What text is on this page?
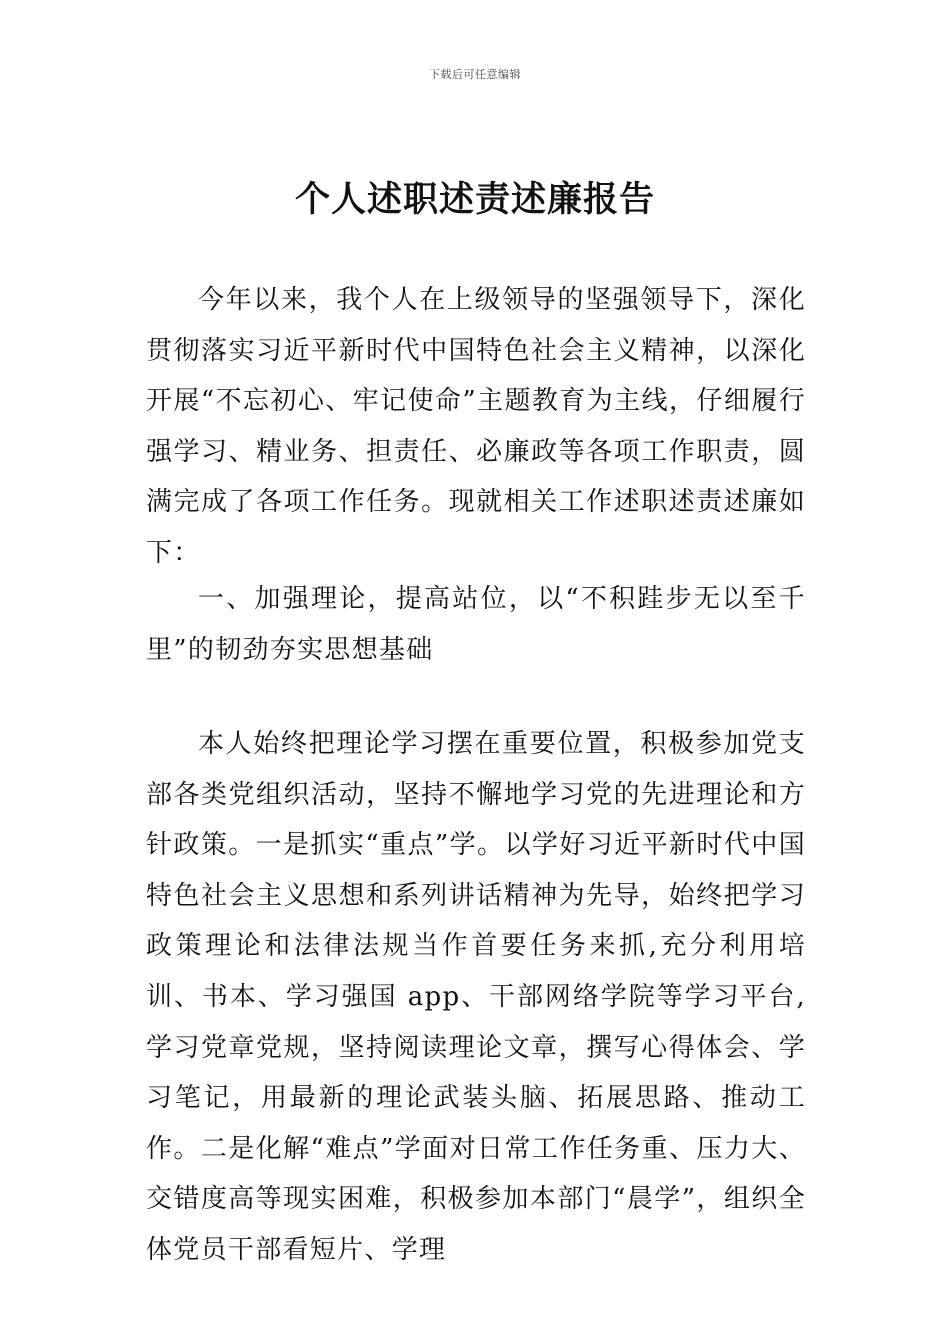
下载后可任意编辑
个人述职述责述廉报告

今年以来，我个人在上级领导的坚强领导下，深化贯彻落实习近平新时代中国特色社会主义精神，以深化开展“不忘初心、牢记使命”主题教育为主线，仔细履行强学习、精业务、担责任、必廉政等各项工作职责，圆满完成了各项工作任务。现就相关工作述职述责述廉如下：

一、加强理论，提高站位，以“不积跬步无以至千里”的韧劲夯实思想基础

本人始终把理论学习摆在重要位置，积极参加党支部各类党组织活动，坚持不懈地学习党的先进理论和方针政策。一是抓实“重点”学。以学好习近平新时代中国特色社会主义思想和系列讲话精神为先导，始终把学习政策理论和法律法规当作首要任务来抓,充分利用培训、书本、学习强国 app、干部网络学院等学习平台,学习党章党规，坚持阅读理论文章，撰写心得体会、学习笔记，用最新的理论武装头脑、拓展思路、推动工作。二是化解“难点”学面对日常工作任务重、压力大、交错度高等现实困难，积极参加本部门“晨学”，组织全体党员干部看短片、学理
